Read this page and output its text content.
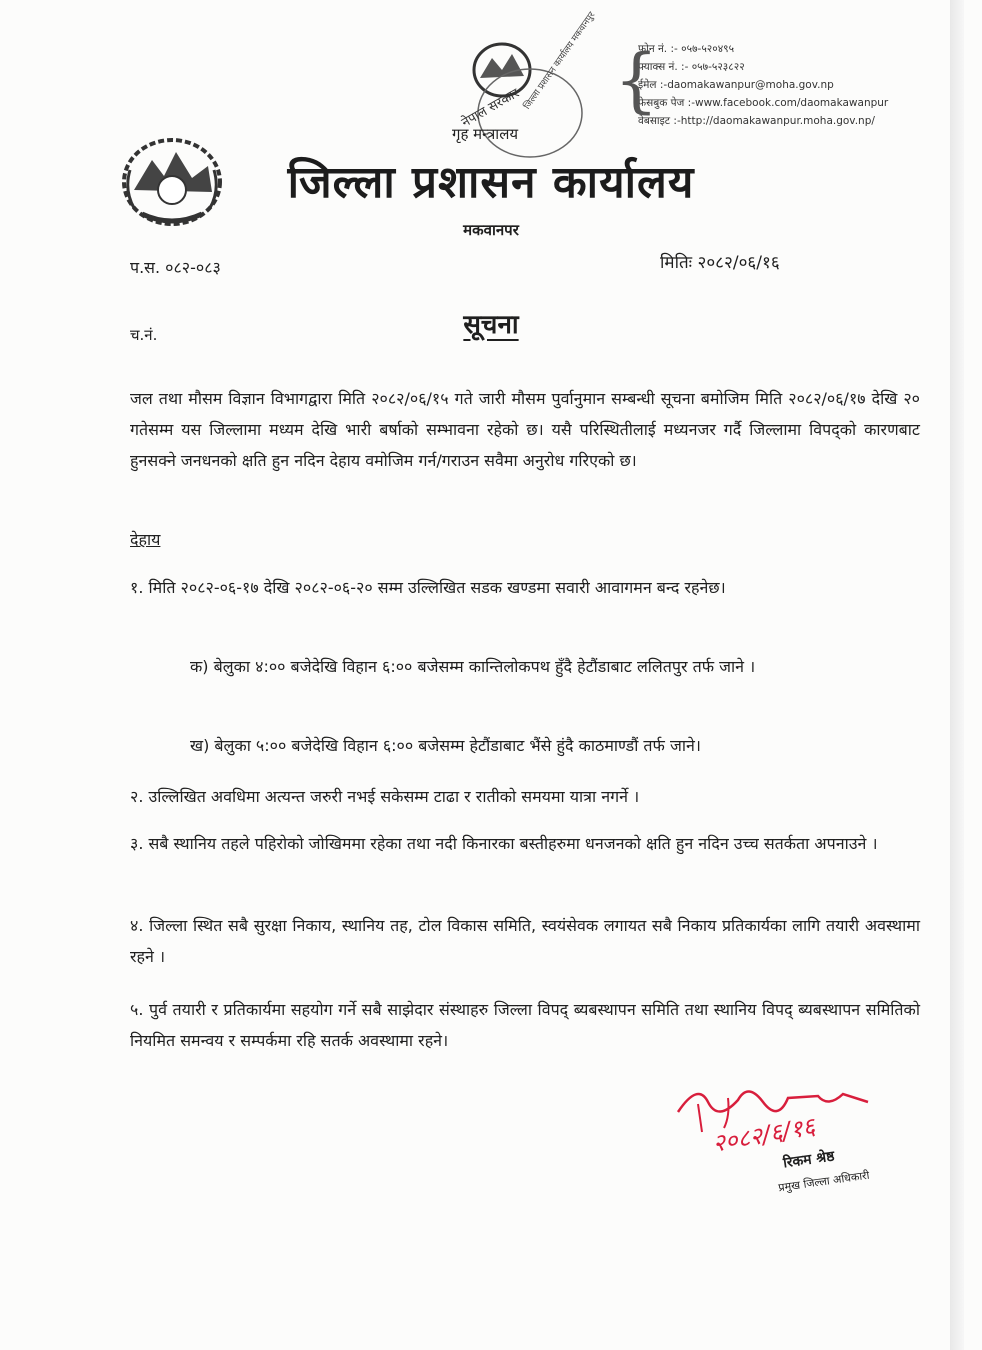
नेपाल सरकार
गृह मन्त्रालय
जिल्ला प्रशासन कार्यालय मकवानपुर {
फोन नं. :- ०५७-५२०४९५
फ्याक्स नं. :- ०५७-५२३८२२
ईमेल :-daomakawanpur@moha.gov.np
फेसबुक पेज :-www.facebook.com/daomakawanpur
वेबसाइट :-http://daomakawanpur.moha.gov.np/
जिल्ला प्रशासन कार्यालय
मकवानपर
प.स. ०८२-०८३	मितिः २०८२/०६/१६
च.नं.	सूचना
जल तथा मौसम विज्ञान विभागद्वारा मिति २०८२/०६/१५ गते जारी मौसम पुर्वानुमान सम्बन्धी सूचना बमोजिम मिति २०८२/०६/१७ देखि २० गतेसम्म यस जिल्लामा मध्यम देखि भारी बर्षाको सम्भावना रहेको छ। यसै परिस्थितीलाई मध्यनजर गर्दै जिल्लामा विपद्को कारणबाट हुनसक्ने जनधनको क्षति हुन नदिन देहाय वमोजिम गर्न/गराउन सवैमा अनुरोध गरिएको छ।
देहाय
१. मिति २०८२-०६-१७ देखि २०८२-०६-२० सम्म उल्लिखित सडक खण्डमा सवारी आवागमन बन्द रहनेछ।
क) बेलुका ४:०० बजेदेखि विहान ६:०० बजेसम्म कान्तिलोकपथ हुँदै हेटौंडाबाट ललितपुर तर्फ जाने ।
ख) बेलुका ५:०० बजेदेखि विहान ६:०० बजेसम्म हेटौंडाबाट भैंसे हुंदै काठमाण्डौं तर्फ जाने।
२. उल्लिखित अवधिमा अत्यन्त जरुरी नभई सकेसम्म टाढा र रातीको समयमा यात्रा नगर्ने ।
३. सबै स्थानिय तहले पहिरोको जोखिममा रहेका तथा नदी किनारका बस्तीहरुमा धनजनको क्षति हुन नदिन उच्च सतर्कता अपनाउने ।
४. जिल्ला स्थित सबै सुरक्षा निकाय, स्थानिय तह, टोल विकास समिति, स्वयंसेवक लगायत सबै निकाय प्रतिकार्यका लागि तयारी अवस्थामा रहने ।
५. पुर्व तयारी र प्रतिकार्यमा सहयोग गर्ने सबै साझेदार संस्थाहरु जिल्ला विपद् ब्यबस्थापन समिति तथा स्थानिय विपद् ब्यबस्थापन समितिको नियमित समन्वय र सम्पर्कमा रहि सतर्क अवस्थामा रहने।
२०८२/६/१६
रिकम श्रेष्ठ
प्रमुख जिल्ला अधिकारी
